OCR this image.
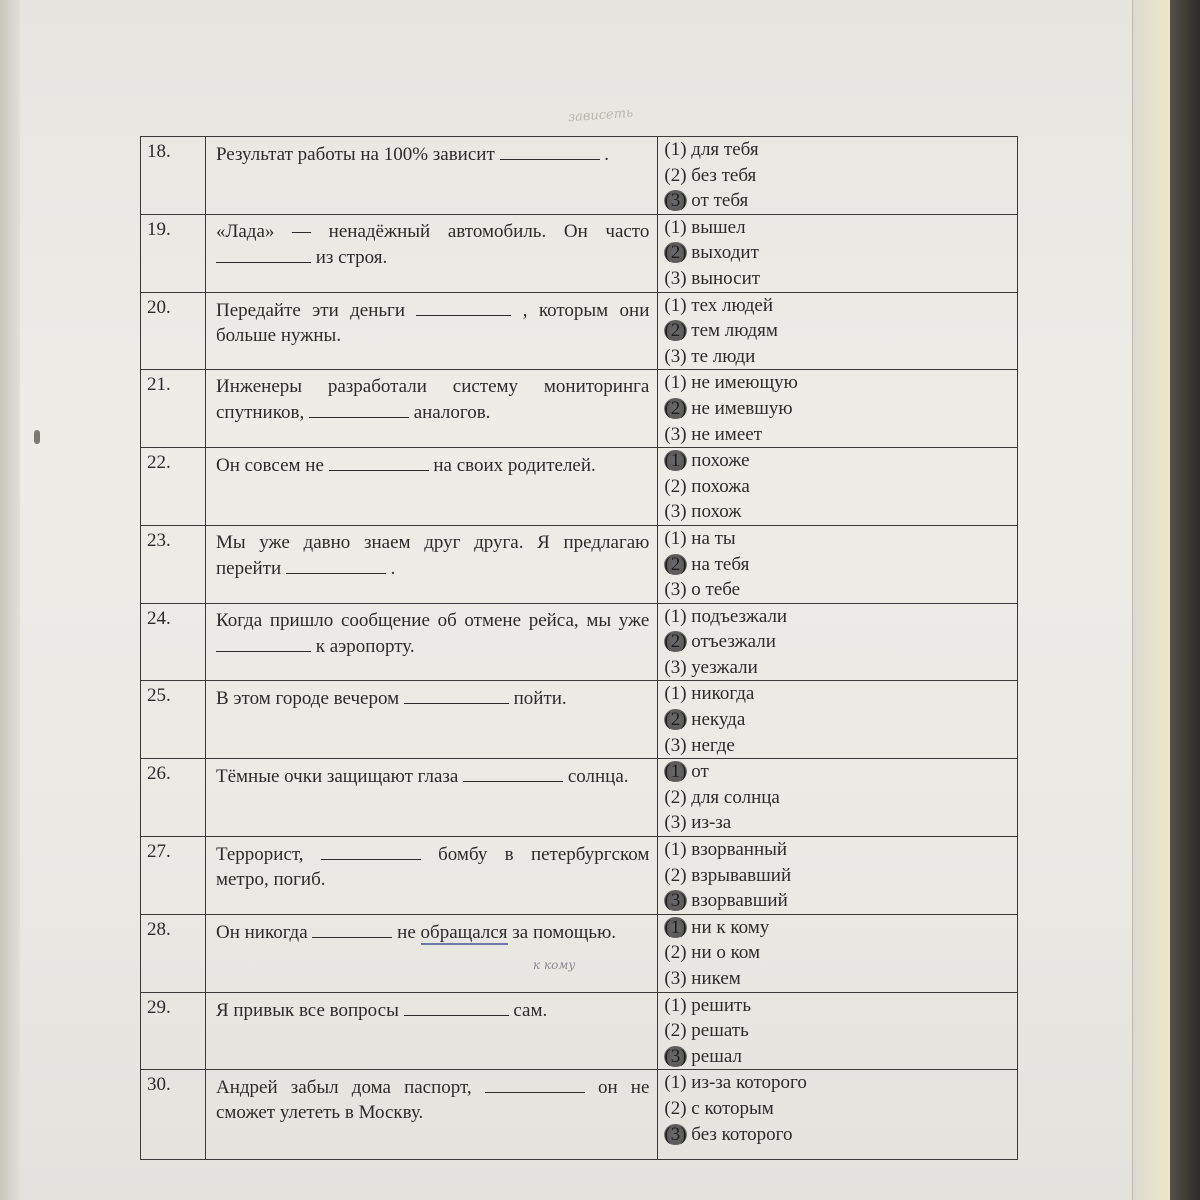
зависеть
к кому
18.	Результат работы на 100% зависит .	(1) для тебя
(2) без тебя
(3) от тебя

19.	«Лада» — ненадёжный автомобиль. Он часто  из строя.	(1) вышел
(2) выходит
(3) выносит

20.	Передайте эти деньги , которым они больше нужны.	(1) тех людей
(2) тем людям
(3) те люди

21.	Инженеры разработали систему мониторинга спутников, аналогов.	(1) не имеющую
(2) не имевшую
(3) не имеет

22.	Он совсем не на своих родителей.	(1) похоже
(2) похожа
(3) похож

23.	Мы уже давно знаем друг друга. Я предлагаю перейти .	(1) на ты
(2) на тебя
(3) о тебе

24.	Когда пришло сообщение об отмене рейса, мы уже  к аэропорту.	(1) подъезжали
(2) отъезжали
(3) уезжали

25.	В этом городе вечером пойти.	(1) никогда
(2) некуда
(3) негде

26.	Тёмные очки защищают глаза солнца.	(1) от
(2) для солнца
(3) из-за

27.	Террорист, бомбу в петербургском метро, погиб.	(1) взорванный
(2) взрывавший
(3) взорвавший

28.	Он никогда не обращался за помощью.	(1) ни к кому
(2) ни о ком
(3) никем

29.	Я привык все вопросы сам.	(1) решить
(2) решать
(3) решал

30.	Андрей забыл дома паспорт, он не сможет улететь в Москву.	(1) из-за которого
(2) с которым
(3) без которого
